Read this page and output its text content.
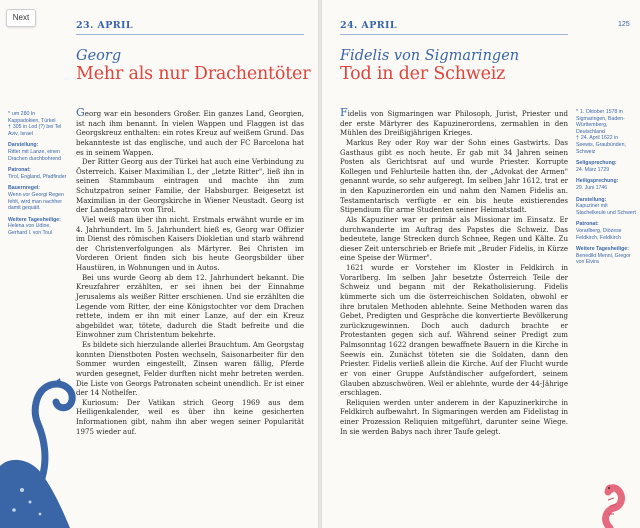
23. APRIL
Georg
Mehr als nur Drachentöter
* um 280 In Kappadokien, Türkei
† 305 in Lod (?) bei Tel Aviv, Israel
Darstellung:
Ritter mit Lanze, einen Drachen durchbohrend
Patronat:
Tirol, England, Pfadfinder
Bauernregel:
Wenn vor Georgi Regen fehlt, wird man nachher damit gequält.
Weitere Tagesheilige:
Helena von Udine, Gerhard I. von Toul

Georg war ein besonders Großer. Ein ganzes Land, Georgien, ist nach ihm benannt. In vielen Wappen und Flaggen ist das Georgskreuz enthalten: ein rotes Kreuz auf weißem Grund. Das bekannteste ist das englische, und auch der FC Barcelona hat es in seinem Wappen.

Der Ritter Georg aus der Türkei hat auch eine Verbindung zu Österreich. Kaiser Maximilian I., der „letzte Ritter", ließ ihn in seinen Stammbaum eintragen und machte ihn zum Schutzpatron seiner Familie, der Habsburger. Beigesetzt ist Maximilian in der Georgskirche in Wiener Neustadt. Georg ist der Landespatron von Tirol.

Viel weiß man über ihn nicht. Erstmals erwähnt wurde er im 4. Jahrhundert. Im 5. Jahrhundert hieß es, Georg war Offizier im Dienst des römischen Kaisers Diokletian und starb während der Christenverfolgungen als Märtyrer. Bei Christen im Vorderen Orient finden sich bis heute Georgsbilder über Haustüren, in Wohnungen und in Autos.

Bei uns wurde Georg ab dem 12. Jahrhundert bekannt. Die Kreuzfahrer erzählten, er sei ihnen bei der Einnahme Jerusalems als weißer Ritter erschienen. Und sie erzählten die Legende vom Ritter, der eine Königstochter vor dem Drachen rettete, indem er ihn mit einer Lanze, auf der ein Kreuz abgebildet war, tötete, dadurch die Stadt befreite und die Einwohner zum Christentum bekehrte.

Es bildete sich hierzulande allerlei Brauchtum. Am Georgstag konnten Dienstboten Posten wechseln, Saisonarbeiter für den Sommer wurden eingestellt, Zinsen waren fällig, Pferde wurden gesegnet, Felder durften nicht mehr betreten werden. Die Liste von Georgs Patronaten scheint unendlich. Er ist einer der 14 Nothelfer.

Kuriosum: Der Vatikan strich Georg 1969 aus dem Heiligenkalender, weil es über ihn keine gesicherten Informationen gibt, nahm ihn aber wegen seiner Popularität 1975 wieder auf.

24. APRIL	125
Fidelis von Sigmaringen
Tod in der Schweiz

Fidelis von Sigmaringen war Philosoph, Jurist, Priester und der erste Märtyrer des Kapuzinerordens, zermahlen in den Mühlen des Dreißigjährigen Krieges.

Markus Rey oder Roy war der Sohn eines Gastwirts. Das Gasthaus gibt es noch heute. Er gab mit 34 Jahren seinen Posten als Gerichtsrat auf und wurde Priester. Korrupte Kollegen und Fehlurteile hatten ihn, der „Advokat der Armen" genannt wurde, so sehr aufgeregt. Im selben Jahr 1612, trat er in den Kapuzinerorden ein und nahm den Namen Fidelis an. Testamentarisch verfügte er ein bis heute existierendes Stipendium für arme Studenten seiner Heimatstadt.

Als Kapuziner war er primär als Missionar im Einsatz. Er durchwanderte im Auftrag des Papstes die Schweiz. Das bedeutete, lange Strecken durch Schnee, Regen und Kälte. Zu dieser Zeit unterschrieb er Briefe mit „Bruder Fidelis, in Kürze eine Speise der Würmer".

1621 wurde er Vorsteher im Kloster in Feldkirch in Vorarlberg. Im selben Jahr besetzte Österreich Teile der Schweiz und begann mit der Rekatholisierung. Fidelis kümmerte sich um die österreichischen Soldaten, obwohl er ihre brutalen Methoden ablehnte. Seine Methoden waren das Gebet, Predigten und Gespräche die konvertierte Bevölkerung zurückzugewinnen. Doch auch dadurch brachte er Protestanten gegen sich auf. Während seiner Predigt zum Palmsonntag 1622 drangen bewaffnete Bauern in die Kirche in Seewis ein. Zunächst töteten sie die Soldaten, dann den Priester. Fidelis verließ allein die Kirche. Auf der Flucht wurde er von einer Gruppe Aufständischer aufgefordert, seinem Glauben abzuschwören. Weil er ablehnte, wurde der 44-Jährige erschlagen.

Reliquien werden unter anderem in der Kapuzinerkirche in Feldkirch aufbewahrt. In Sigmaringen werden am Fidelistag in einer Prozession Reliquien mitgeführt, darunter seine Wiege. In sie werden Babys nach ihrer Taufe gelegt.

* 1. Oktober 1578 in Sigmaringen, Baden-Württemberg, Deutschland
† 24. April 1622 in Seewis, Graubünden, Schweiz
Seligsprechung:
24. März 1729
Heiligsprechung:
29. Juni 1746
Darstellung:
Kapuziner mit Stachelkeule und Schwert
Patronat:
Vorarlberg, Diözese Feldkirch, Feldkirch
Weitere Tagesheilige:
Benedikt Menni, Gregor von Elvira
Next
